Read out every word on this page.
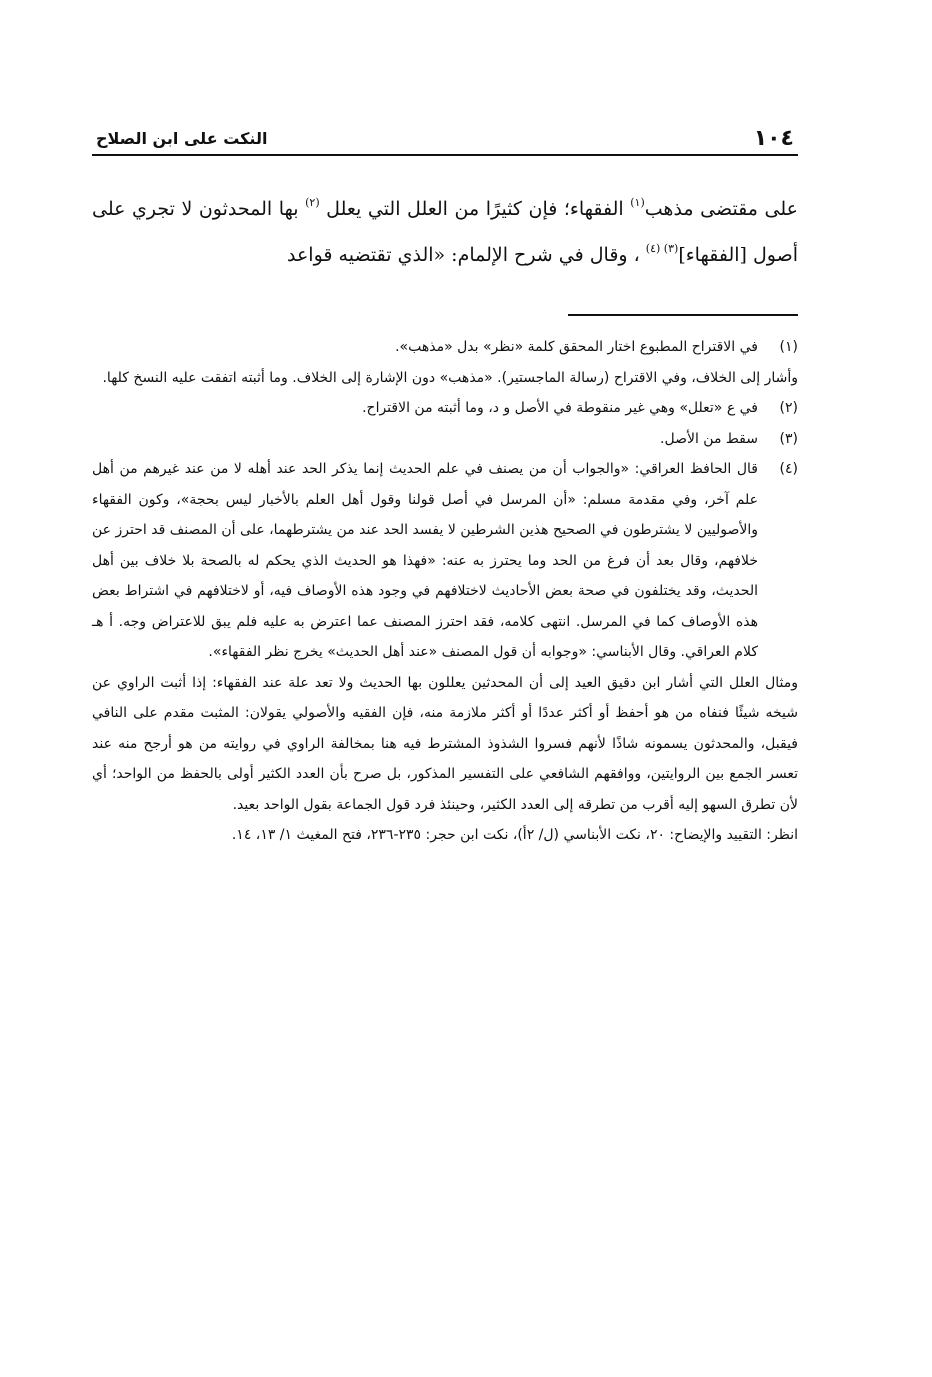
١٠٤
النكت على ابن الصلاح

على مقتضى مذهب$^{(١)}$ الفقهاء؛ فإن كثيرًا من العلل التي يعلل $^{(٢)}$ بها المحدثون لا تجري على أصول [الفقهاء]$^{(٣) (٤)}$ ، وقال في شرح الإلمام: «الذي تقتضيه قواعد

(١)

في الاقتراح المطبوع اختار المحقق كلمة «نظر» بدل «مذهب».

وأشار إلى الخلاف، وفي الاقتراح (رسالة الماجستير). «مذهب» دون الإشارة إلى الخلاف. وما أثبته اتفقت عليه النسخ كلها.

(٢)

في ع «تعلل» وهي غير منقوطة في الأصل و د، وما أثبته من الاقتراح.

(٣)

سقط من الأصل.

(٤)

قال الحافظ العراقي: «والجواب أن من يصنف في علم الحديث إنما يذكر الحد عند أهله لا من عند غيرهم من أهل علم آخر، وفي مقدمة مسلم: «أن المرسل في أصل قولنا وقول أهل العلم بالأخبار ليس بحجة»، وكون الفقهاء والأصوليين لا يشترطون في الصحيح هذين الشرطين لا يفسد الحد عند من يشترطهما، على أن المصنف قد احترز عن خلافهم، وقال بعد أن فرغ من الحد وما يحترز به عنه: «فهذا هو الحديث الذي يحكم له بالصحة بلا خلاف بين أهل الحديث، وقد يختلفون في صحة بعض الأحاديث لاختلافهم في وجود هذه الأوصاف فيه، أو لاختلافهم في اشتراط بعض هذه الأوصاف كما في المرسل. انتهى كلامه، فقد احترز المصنف عما اعترض به عليه فلم يبق للاعتراض وجه. أ هـ كلام العراقي. وقال الأبناسي: «وجوابه أن قول المصنف «عند أهل الحديث» يخرج نظر الفقهاء».

ومثال العلل التي أشار ابن دقيق العيد إلى أن المحدثين يعللون بها الحديث ولا تعد علة عند الفقهاء: إذا أثبت الراوي عن شيخه شيئًا فنفاه من هو أحفظ أو أكثر عددًا أو أكثر ملازمة منه، فإن الفقيه والأصولي يقولان: المثبت مقدم على النافي فيقبل، والمحدثون يسمونه شاذًا لأنهم فسروا الشذوذ المشترط فيه هنا بمخالفة الراوي في روايته من هو أرجح منه عند تعسر الجمع بين الروايتين، ووافقهم الشافعي على التفسير المذكور، بل صرح بأن العدد الكثير أولى بالحفظ من الواحد؛ أي لأن تطرق السهو إليه أقرب من تطرقه إلى العدد الكثير، وحينئذ فرد قول الجماعة بقول الواحد بعيد.

انظر: التقييد والإيضاح: ٢٠، نكت الأبناسي (ل/ ٢أ)، نكت ابن حجر: ٢٣٥-٢٣٦، فتح المغيث ١/ ١٣، ١٤.
